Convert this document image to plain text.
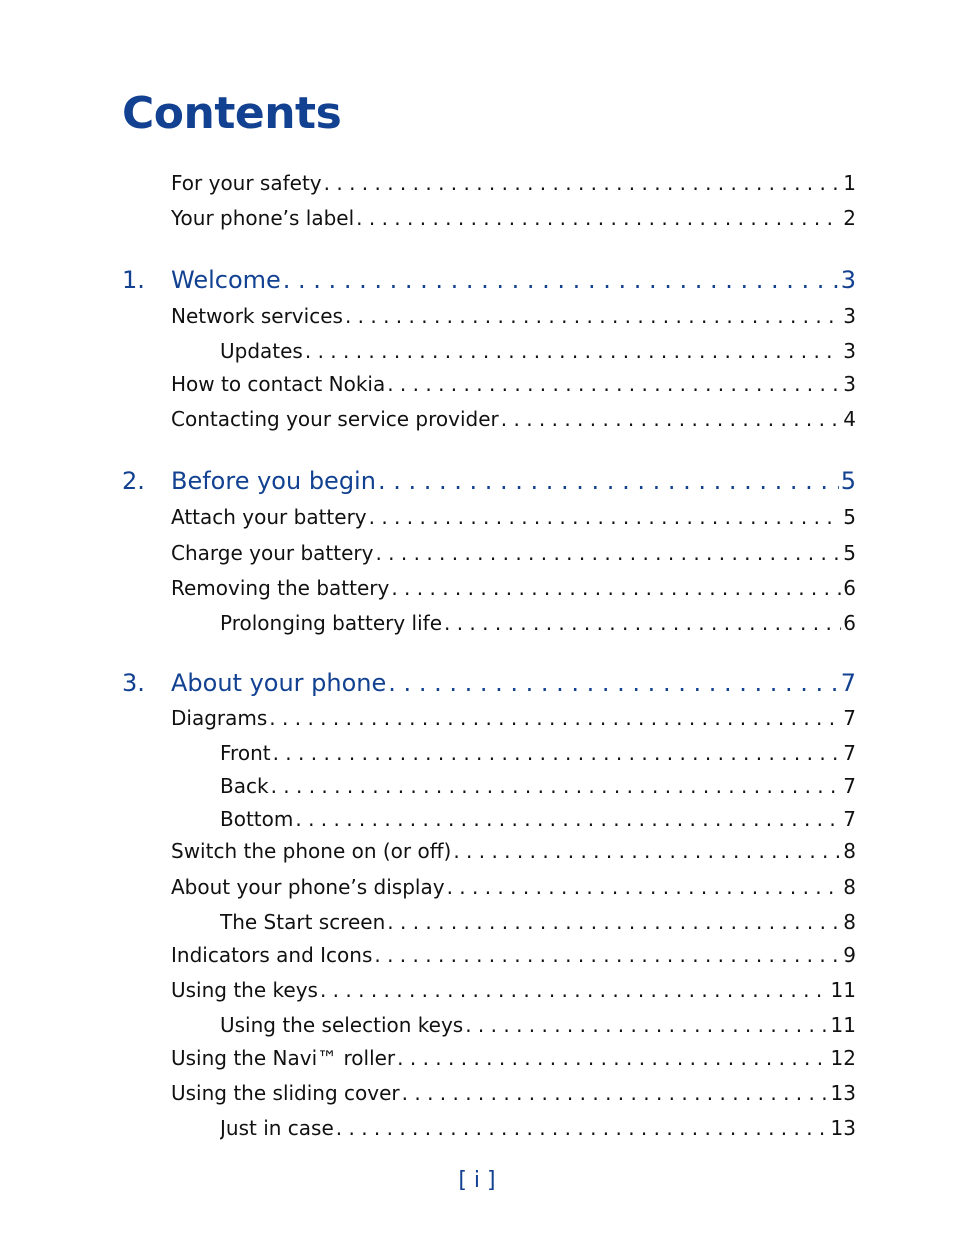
Contents
For your safety . . .	1
Your phone’s label . . .	2
1.	Welcome . . .	3
Network services . . .	3
Updates . . .	3
How to contact Nokia . . .	3
Contacting your service provider . . .	4
2.	Before you begin . . .	5
Attach your battery . . .	5
Charge your battery . . .	5
Removing the battery . . .	6
Prolonging battery life . . .	6
3.	About your phone . . .	7
Diagrams . . .	7
Front . . .	7
Back . . .	7
Bottom . . .	7
Switch the phone on (or off) . . .	8
About your phone’s display . . .	8
The Start screen . . .	8
Indicators and Icons . . .	9
Using the keys . . .	11
Using the selection keys . . .	11
Using the Navi™ roller . . .	12
Using the sliding cover . . .	13
Just in case . . .	13
[ i ]
